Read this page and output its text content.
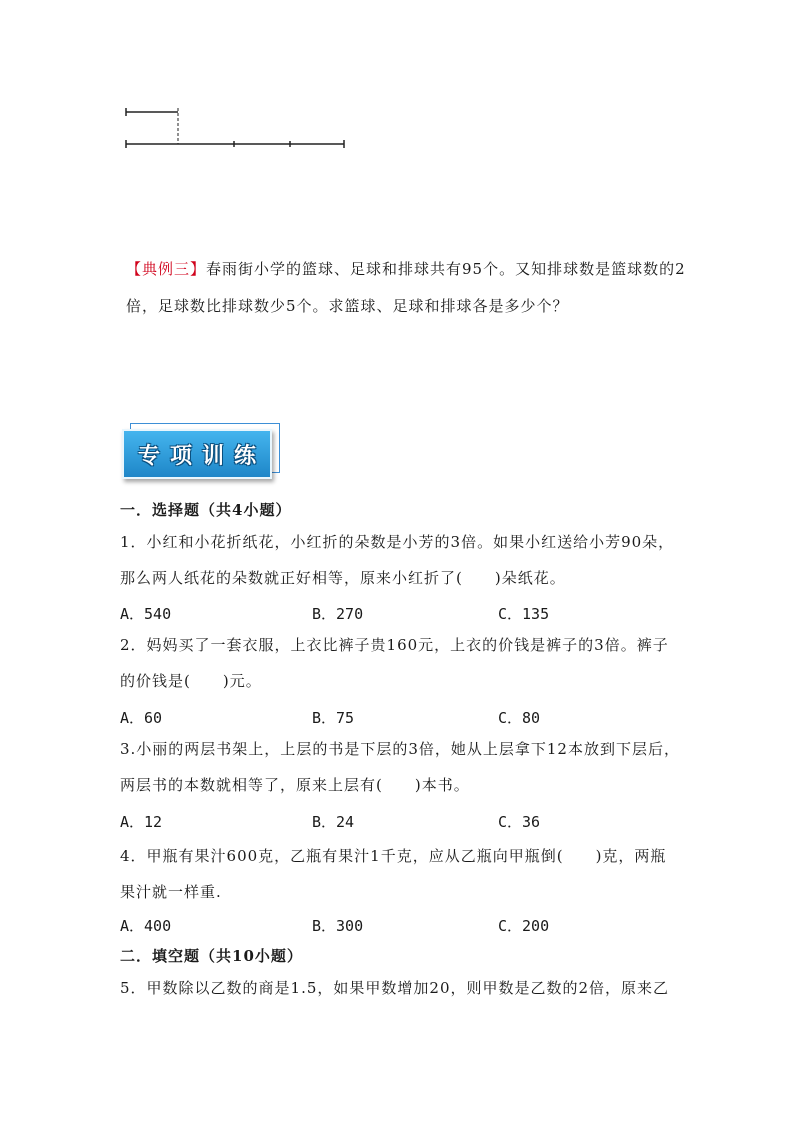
【典例三】春雨街小学的篮球、足球和排球共有95个。又知排球数是篮球数的2
倍，足球数比排球数少5个。求篮球、足球和排球各是多少个？
专项训练
一．选择题（共4小题）
1．小红和小花折纸花，小红折的朵数是小芳的3倍。如果小红送给小芳90朵，
那么两人纸花的朵数就正好相等，原来小红折了(　　)朵纸花。
A．540	B．270	C．135
2．妈妈买了一套衣服，上衣比裤子贵160元，上衣的价钱是裤子的3倍。裤子
的价钱是(　　)元。
A．60	B．75	C．80
3.小丽的两层书架上，上层的书是下层的3倍，她从上层拿下12本放到下层后，
两层书的本数就相等了，原来上层有(　　)本书。
A．12	B．24	C．36
4．甲瓶有果汁600克，乙瓶有果汁1千克，应从乙瓶向甲瓶倒(　　)克，两瓶
果汁就一样重.
A．400	B．300	C．200
二．填空题（共10小题）
5．甲数除以乙数的商是1.5，如果甲数增加20，则甲数是乙数的2倍，原来乙
